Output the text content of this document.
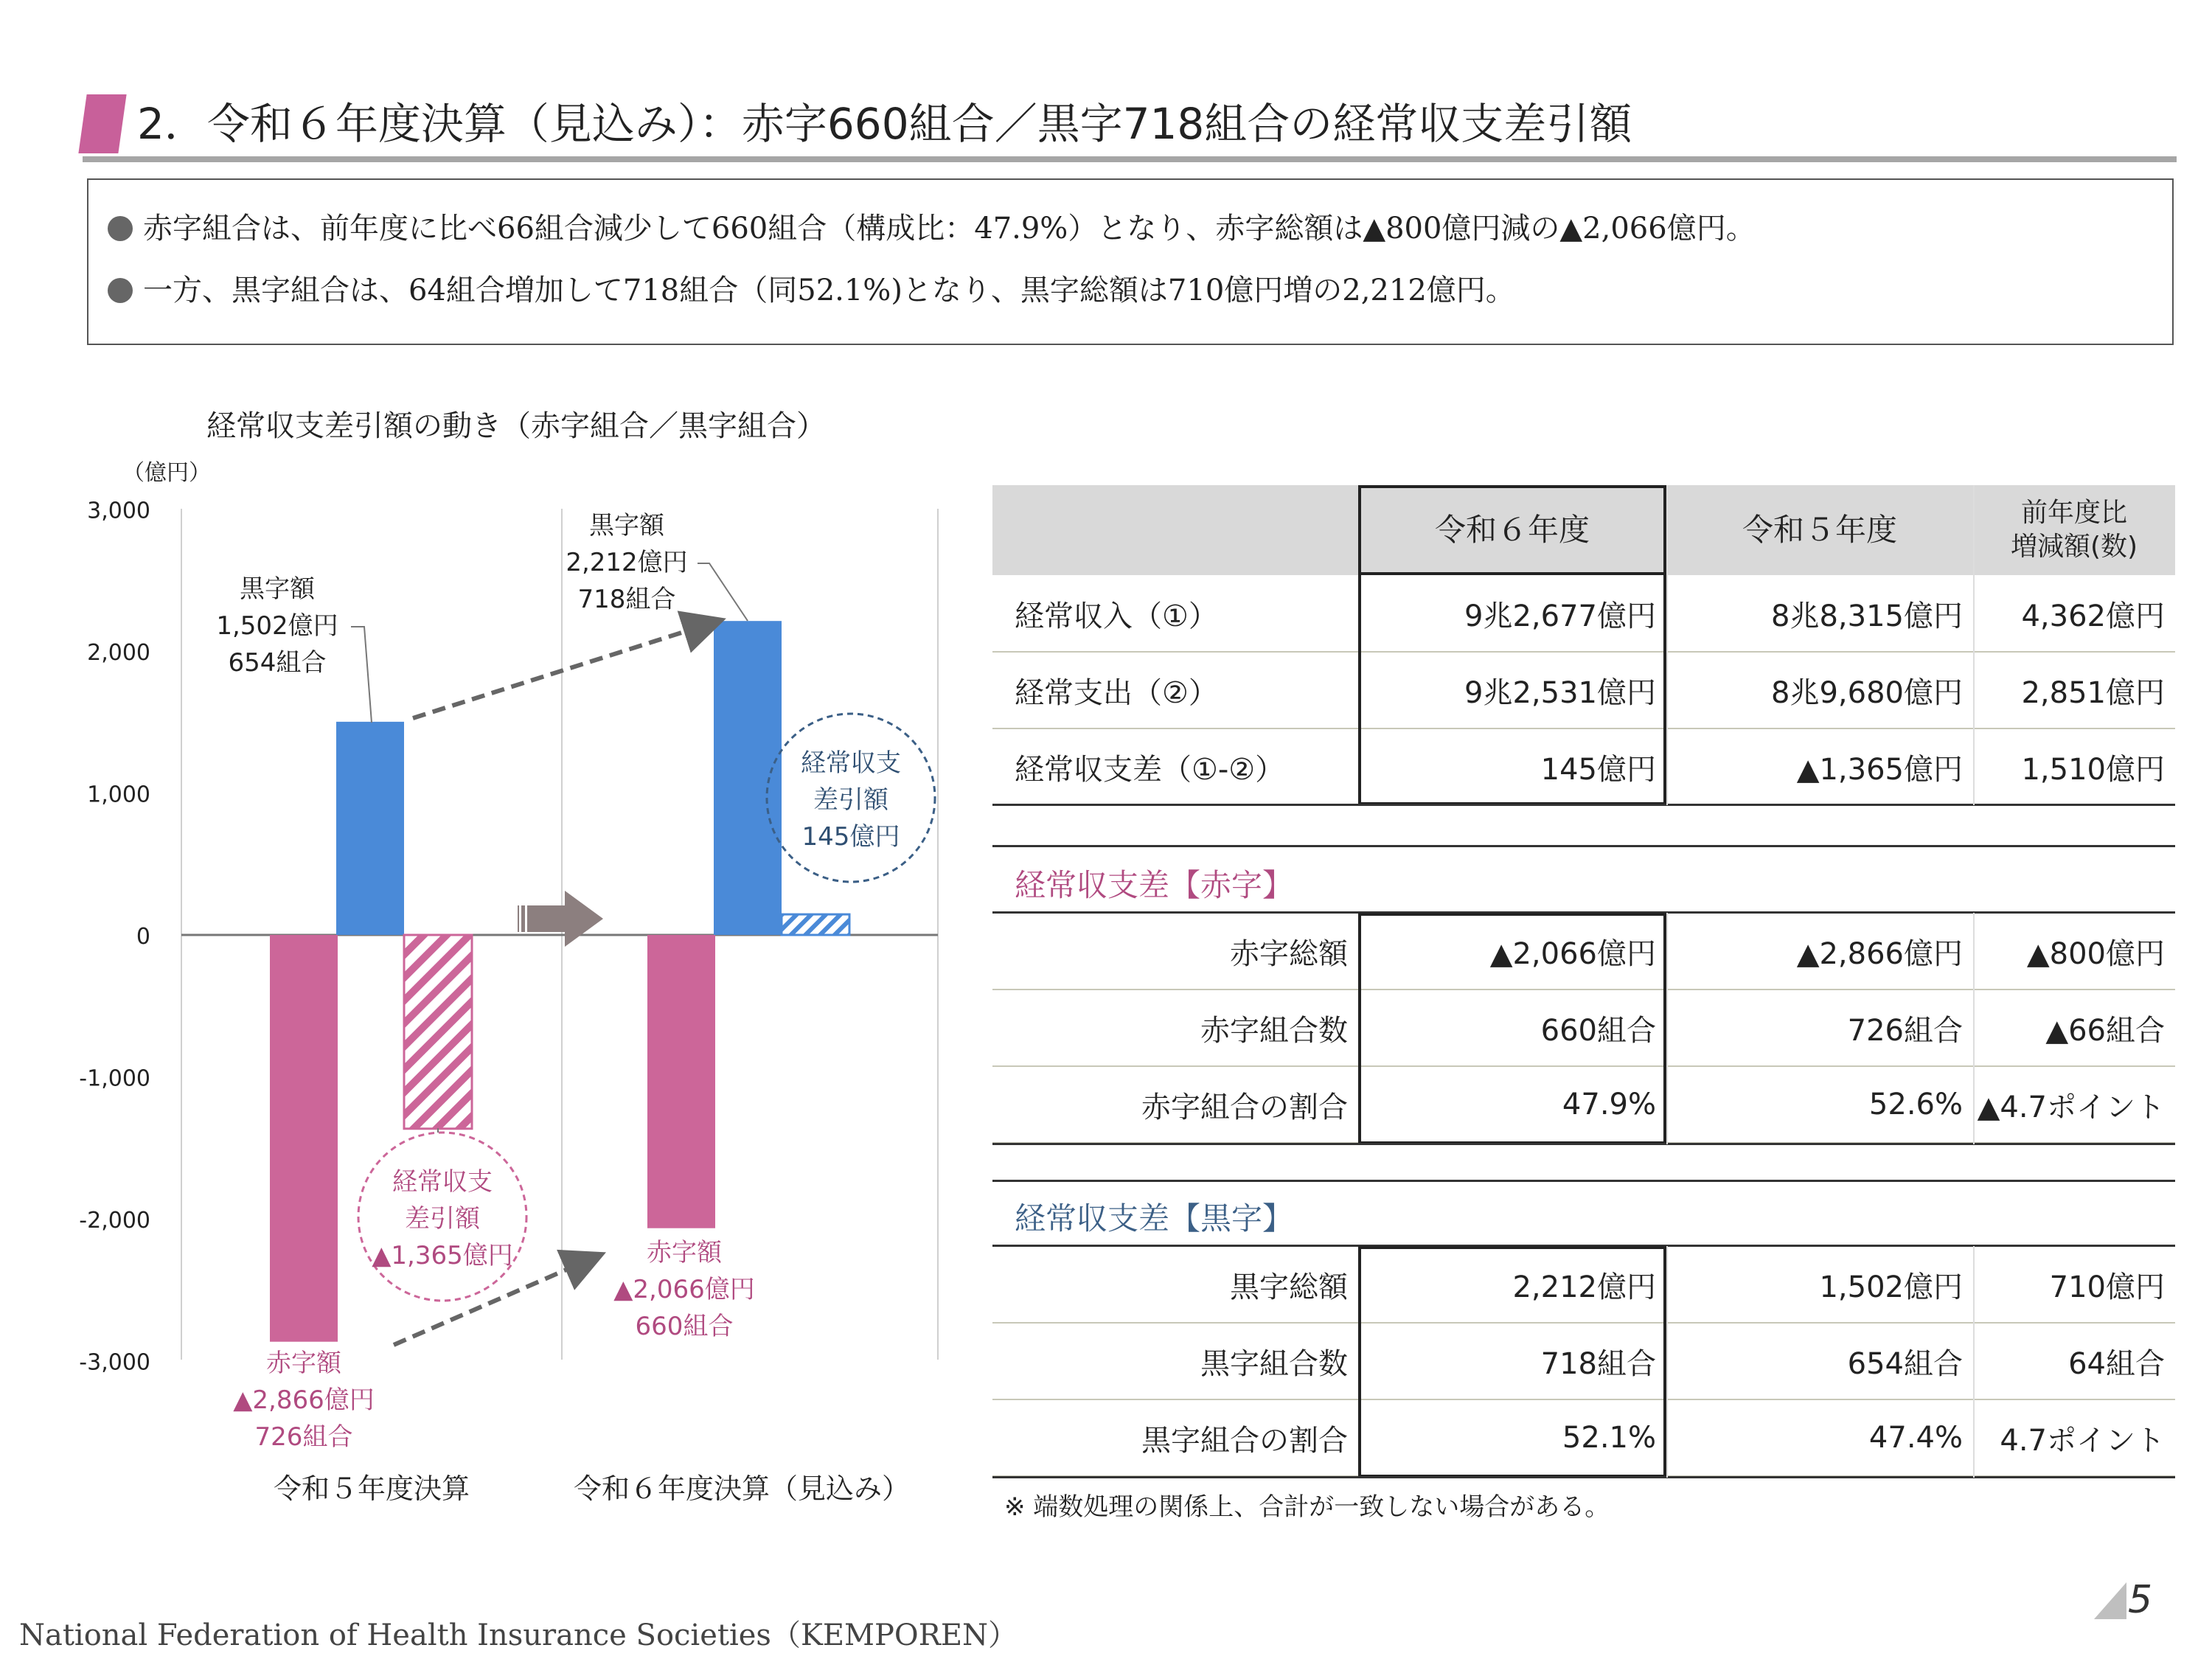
2．令和６年度決算（見込み）：赤字660組合／黒字718組合の経常収支差引額
赤字組合は、前年度に比べ66組合減少して660組合（構成比：47.9%）となり、赤字総額は▲800億円減の▲2,066億円。
一方、黒字組合は、64組合増加して718組合（同52.1%)となり、黒字総額は710億円増の2,212億円。
経常収支差引額の動き（赤字組合／黒字組合）
（億円）
3,000
2,000
1,000
0
-1,000
-2,000
-3,000
令和５年度決算	令和６年度決算（見込み）
黒字額
1,502億円
654組合
黒字額
2,212億円
718組合
赤字額
▲2,866億円
726組合
赤字額
▲2,066億円
660組合
経常収支
差引額
▲1,365億円
経常収支
差引額
145億円
令和６年度	令和５年度	前年度比
増減額(数)
経常収入（①）	9兆2,677億円	8兆8,315億円	4,362億円
経常支出（②）	9兆2,531億円	8兆9,680億円	2,851億円
経常収支差（①-②）	145億円	▲1,365億円	1,510億円
経常収支差【赤字】
赤字総額	▲2,066億円	▲2,866億円	▲800億円
赤字組合数	660組合	726組合	▲66組合
赤字組合の割合	47.9%	52.6% ▲4.7ポイント
経常収支差【黒字】
黒字総額	2,212億円	1,502億円	710億円
黒字組合数	718組合	654組合	64組合
黒字組合の割合	52.1%	47.4%	4.7ポイント
※ 端数処理の関係上、合計が一致しない場合がある。
National Federation of Health Insurance Societies（KEMPOREN）
5
